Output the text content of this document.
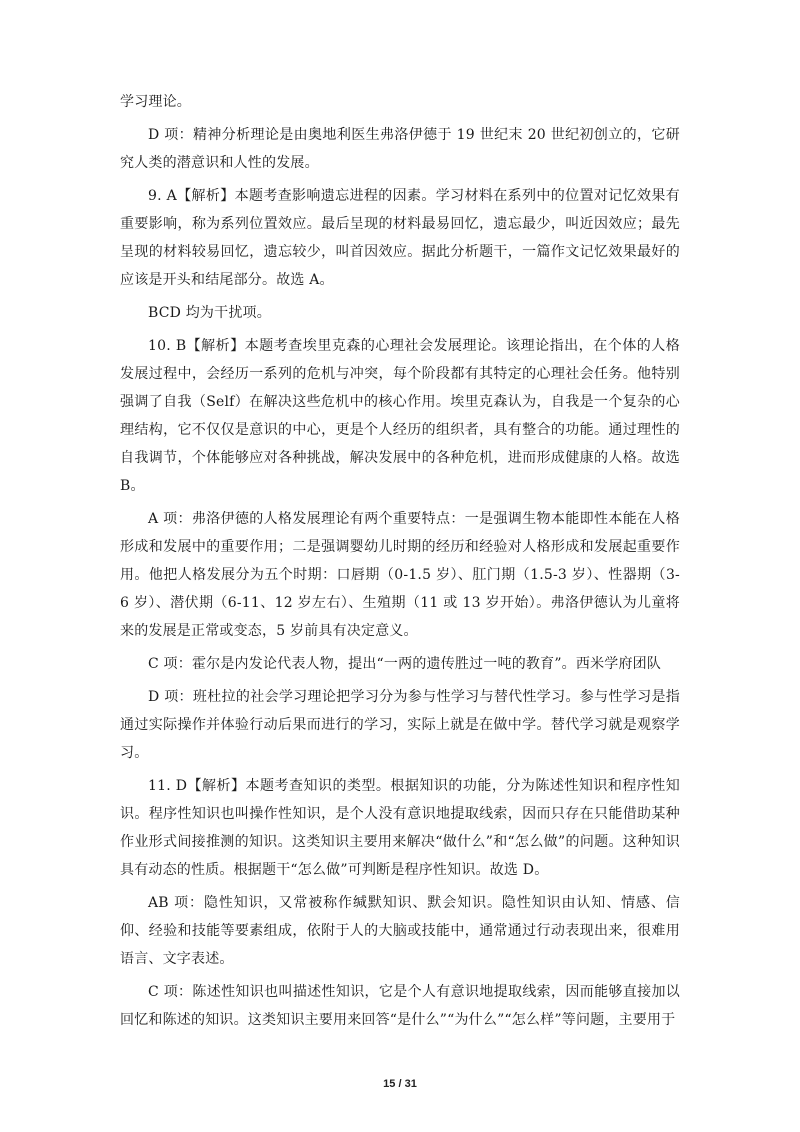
学习理论。

D 项：精神分析理论是由奥地利医生弗洛伊德于 19 世纪末 20 世纪初创立的，它研究人类的潜意识和人性的发展。

9. A【解析】本题考查影响遗忘进程的因素。学习材料在系列中的位置对记忆效果有重要影响，称为系列位置效应。最后呈现的材料最易回忆，遗忘最少，叫近因效应；最先呈现的材料较易回忆，遗忘较少，叫首因效应。据此分析题干，一篇作文记忆效果最好的应该是开头和结尾部分。故选 A。

BCD 均为干扰项。

10. B【解析】本题考查埃里克森的心理社会发展理论。该理论指出，在个体的人格发展过程中，会经历一系列的危机与冲突，每个阶段都有其特定的心理社会任务。他特别强调了自我（Self）在解决这些危机中的核心作用。埃里克森认为，自我是一个复杂的心理结构，它不仅仅是意识的中心，更是个人经历的组织者，具有整合的功能。通过理性的自我调节，个体能够应对各种挑战，解决发展中的各种危机，进而形成健康的人格。故选 B。

A 项：弗洛伊德的人格发展理论有两个重要特点：一是强调生物本能即性本能在人格形成和发展中的重要作用；二是强调婴幼儿时期的经历和经验对人格形成和发展起重要作用。他把人格发展分为五个时期：口唇期（0-1.5 岁）、肛门期（1.5-3 岁）、性器期（3-6 岁）、潜伏期（6-11、12 岁左右）、生殖期（11 或 13 岁开始）。弗洛伊德认为儿童将来的发展是正常或变态，5 岁前具有决定意义。

C 项：霍尔是内发论代表人物，提出“一两的遗传胜过一吨的教育”。西米学府团队

D 项：班杜拉的社会学习理论把学习分为参与性学习与替代性学习。参与性学习是指通过实际操作并体验行动后果而进行的学习，实际上就是在做中学。替代学习就是观察学习。

11. D【解析】本题考查知识的类型。根据知识的功能，分为陈述性知识和程序性知识。程序性知识也叫操作性知识，是个人没有意识地提取线索，因而只存在只能借助某种作业形式间接推测的知识。这类知识主要用来解决“做什么”和“怎么做”的问题。这种知识具有动态的性质。根据题干“怎么做”可判断是程序性知识。故选 D。

AB 项：隐性知识，又常被称作缄默知识、默会知识。隐性知识由认知、情感、信仰、经验和技能等要素组成，依附于人的大脑或技能中，通常通过行动表现出来，很难用语言、文字表述。

C 项：陈述性知识也叫描述性知识，它是个人有意识地提取线索，因而能够直接加以回忆和陈述的知识。这类知识主要用来回答“是什么”“为什么”“怎么样”等问题，主要用于

15 / 31
